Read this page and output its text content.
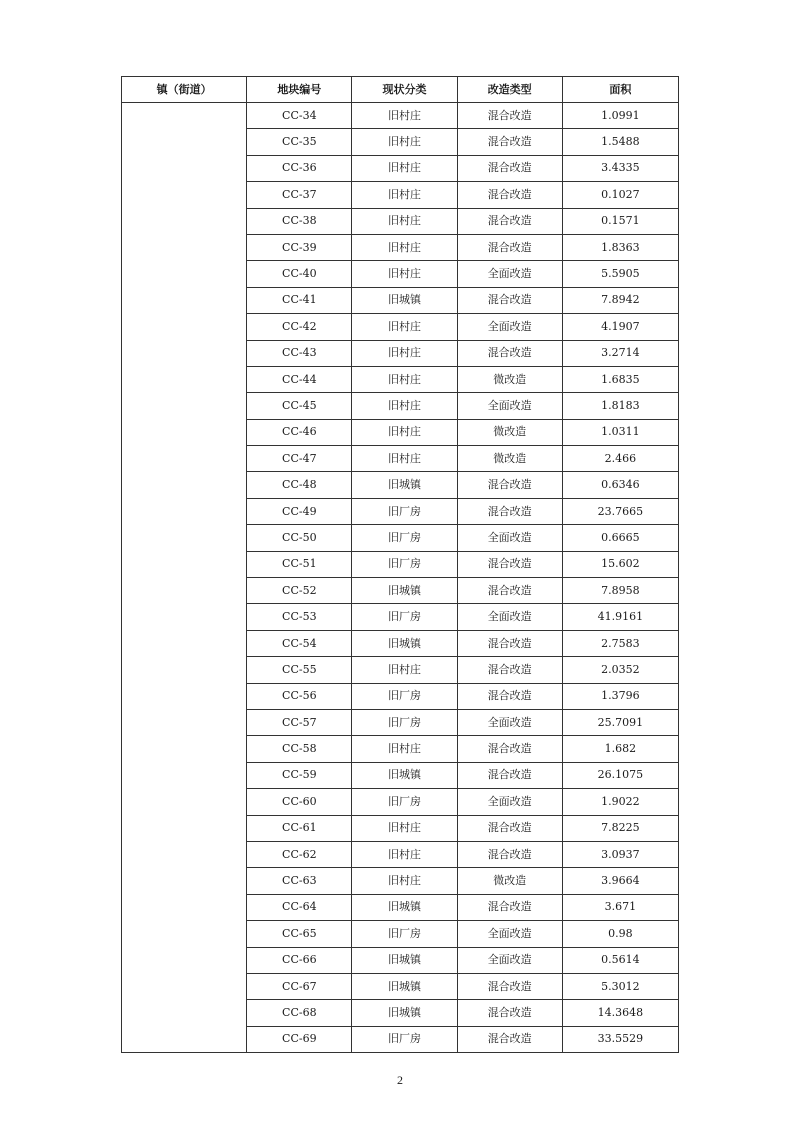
镇（街道）	地块编号	现状分类	改造类型	面积
	CC-34	旧村庄	混合改造	1.0991
	CC-35	旧村庄	混合改造	1.5488
	CC-36	旧村庄	混合改造	3.4335
	CC-37	旧村庄	混合改造	0.1027
	CC-38	旧村庄	混合改造	0.1571
	CC-39	旧村庄	混合改造	1.8363
	CC-40	旧村庄	全面改造	5.5905
	CC-41	旧城镇	混合改造	7.8942
	CC-42	旧村庄	全面改造	4.1907
	CC-43	旧村庄	混合改造	3.2714
	CC-44	旧村庄	微改造	1.6835
	CC-45	旧村庄	全面改造	1.8183
	CC-46	旧村庄	微改造	1.0311
	CC-47	旧村庄	微改造	2.466
	CC-48	旧城镇	混合改造	0.6346
	CC-49	旧厂房	混合改造	23.7665
	CC-50	旧厂房	全面改造	0.6665
	CC-51	旧厂房	混合改造	15.602
	CC-52	旧城镇	混合改造	7.8958
	CC-53	旧厂房	全面改造	41.9161
	CC-54	旧城镇	混合改造	2.7583
	CC-55	旧村庄	混合改造	2.0352
	CC-56	旧厂房	混合改造	1.3796
	CC-57	旧厂房	全面改造	25.7091
	CC-58	旧村庄	混合改造	1.682
	CC-59	旧城镇	混合改造	26.1075
	CC-60	旧厂房	全面改造	1.9022
	CC-61	旧村庄	混合改造	7.8225
	CC-62	旧村庄	混合改造	3.0937
	CC-63	旧村庄	微改造	3.9664
	CC-64	旧城镇	混合改造	3.671
	CC-65	旧厂房	全面改造	0.98
	CC-66	旧城镇	全面改造	0.5614
	CC-67	旧城镇	混合改造	5.3012
	CC-68	旧城镇	混合改造	14.3648
	CC-69	旧厂房	混合改造	33.5529
2
